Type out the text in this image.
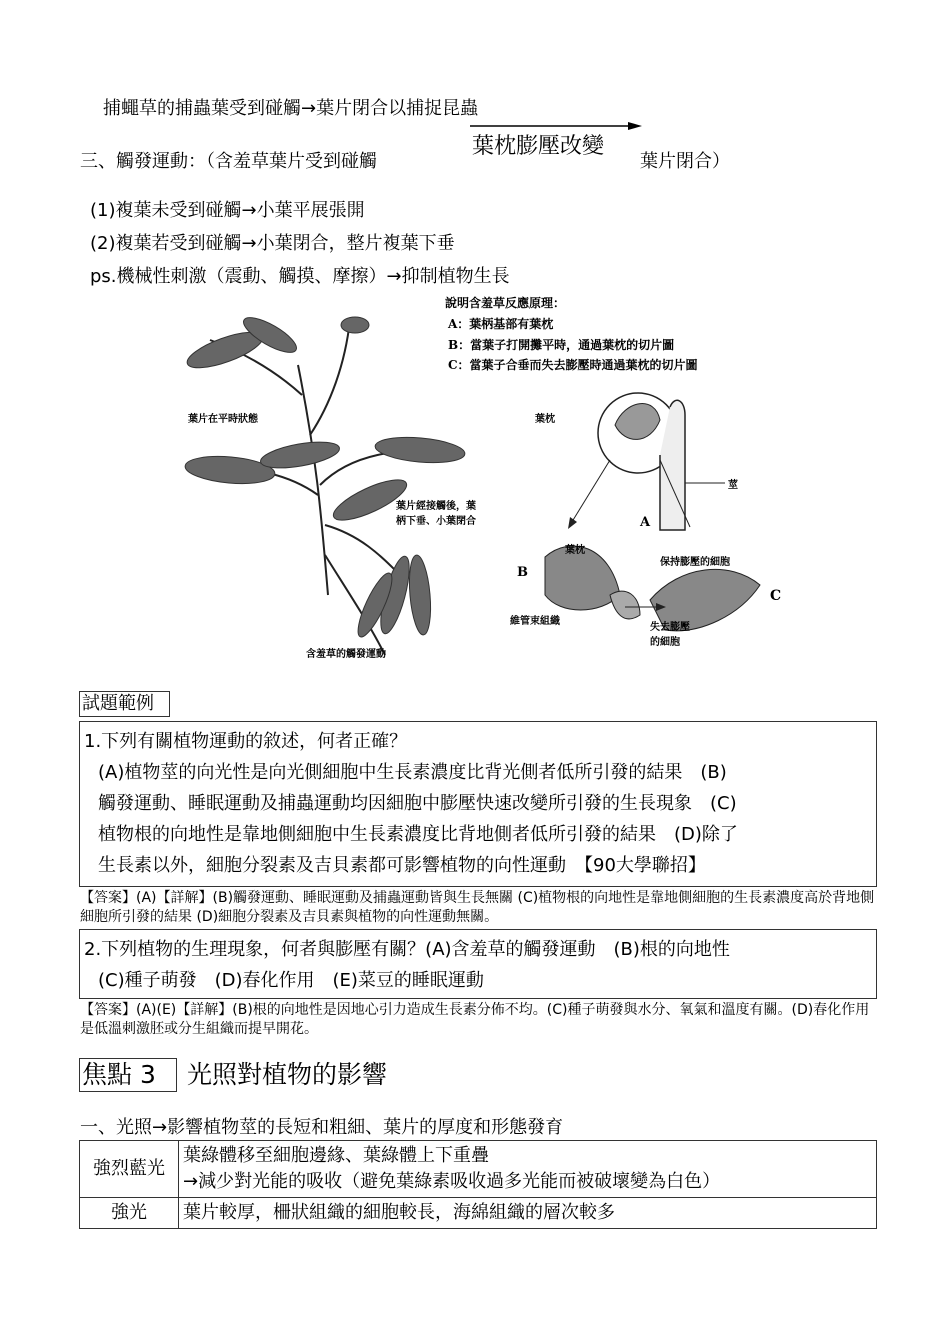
捕蠅草的捕蟲葉受到碰觸→葉片閉合以捕捉昆蟲
三、觸發運動：（含羞草葉片受到碰觸
葉枕膨壓改變
葉片閉合）
(1)複葉未受到碰觸→小葉平展張開
(2)複葉若受到碰觸→小葉閉合，整片複葉下垂
ps.機械性刺激（震動、觸摸、摩擦）→抑制植物生長
說明含羞草反應原理：
A：葉柄基部有葉枕
B：當葉子打開攤平時，通過葉枕的切片圖
C：當葉子合垂而失去膨壓時通過葉枕的切片圖
葉片在平時狀態
葉片經接觸後，葉
柄下垂、小葉閉合
含羞草的觸發運動
葉枕
莖
A
B
C
葉枕
維管束組織
保持膨壓的細胞
失去膨壓
的細胞
試題範例
1.下列有關植物運動的敘述，何者正確？
(A)植物莖的向光性是向光側細胞中生長素濃度比背光側者低所引發的結果　(B)
觸發運動、睡眠運動及捕蟲運動均因細胞中膨壓快速改變所引發的生長現象　(C)
植物根的向地性是靠地側細胞中生長素濃度比背地側者低所引發的結果　(D)除了
生長素以外，細胞分裂素及吉貝素都可影響植物的向性運動　【90大學聯招】
【答案】(A)【詳解】(B)觸發運動、睡眠運動及捕蟲運動皆與生長無關 (C)植物根的向地性是靠地側細胞的生長素濃度高於背地側細胞所引發的結果 (D)細胞分裂素及吉貝素與植物的向性運動無關。
2.下列植物的生理現象，何者與膨壓有關？(A)含羞草的觸發運動　(B)根的向地性
(C)種子萌發　(D)春化作用　(E)菜豆的睡眠運動
【答案】(A)(E)【詳解】(B)根的向地性是因地心引力造成生長素分佈不均。(C)種子萌發與水分、氧氣和溫度有關。(D)春化作用是低溫刺激胚或分生組織而提早開花。
焦點 3	光照對植物的影響
一、光照→影響植物莖的長短和粗細、葉片的厚度和形態發育
強烈藍光	葉綠體移至細胞邊緣、葉綠體上下重疊
→減少對光能的吸收（避免葉綠素吸收過多光能而被破壞變為白色）

強光	葉片較厚，柵狀組織的細胞較長，海綿組織的層次較多
